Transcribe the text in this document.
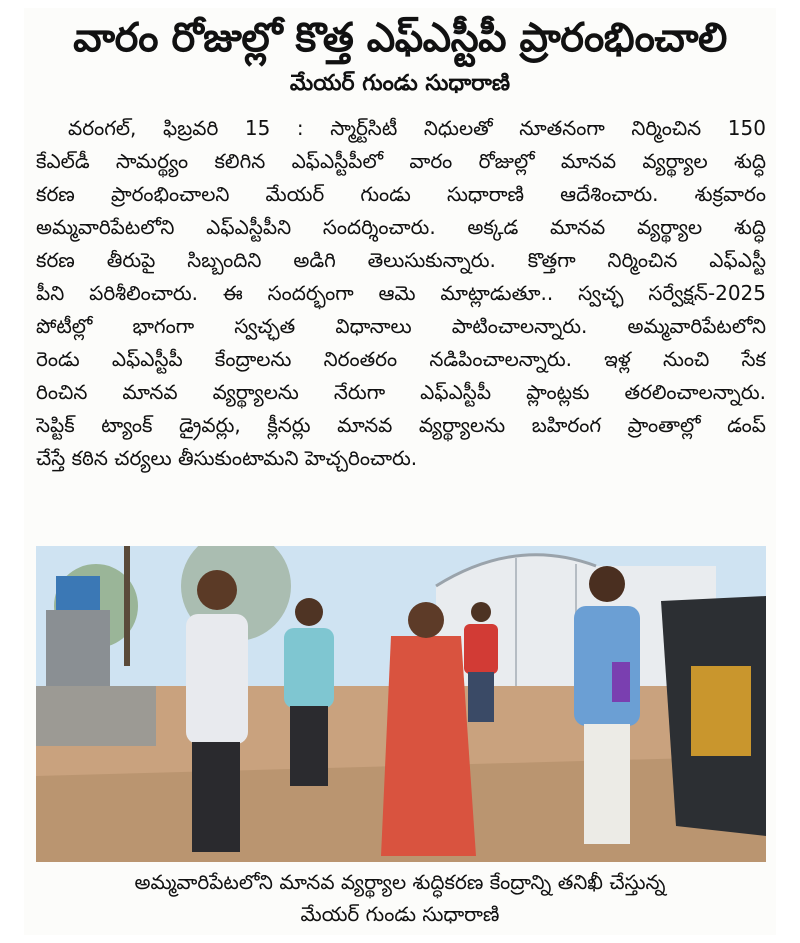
వారం రోజుల్లో కొత్త ఎఫ్ఎస్టీపీ ప్రారంభించాలి
మేయర్ గుండు సుధారాణి
వరంగల్, ఫిబ్రవరి 15 : స్మార్ట్‌సిటీ నిధులతో నూతనంగా నిర్మించిన 150
కేఎల్‌డీ సామర్థ్యం కలిగిన ఎఫ్ఎస్టీపీలో వారం రోజుల్లో మానవ వ్యర్థ్యాల శుద్ధి
కరణ ప్రారంభించాలని మేయర్ గుండు సుధారాణి ఆదేశించారు. శుక్రవారం
అమ్మవారిపేటలోని ఎఫ్ఎస్టీపీని సందర్శించారు. అక్కడ మానవ వ్యర్థ్యాల శుద్ధి
కరణ తీరుపై సిబ్బందిని అడిగి తెలుసుకున్నారు. కొత్తగా నిర్మించిన ఎఫ్ఎస్టీ
పీని పరిశీలించారు. ఈ సందర్భంగా ఆమె మాట్లాడుతూ.. స్వచ్ఛ సర్వేక్షన్-2025
పోటీల్లో భాగంగా స్వచ్ఛత విధానాలు పాటించాలన్నారు. అమ్మవారిపేటలోని
రెండు ఎఫ్ఎస్టీపీ కేంద్రాలను నిరంతరం నడిపించాలన్నారు. ఇళ్ల నుంచి సేక
రించిన మానవ వ్యర్థ్యాలను నేరుగా ఎఫ్ఎస్టీపీ ప్లాంట్లకు తరలించాలన్నారు.
సెప్టిక్ ట్యాంక్ డ్రైవర్లు, క్లీనర్లు మానవ వ్యర్థ్యాలను బహిరంగ ప్రాంతాల్లో డంప్
చేస్తే కఠిన చర్యలు తీసుకుంటామని హెచ్చరించారు.
అమ్మవారిపేటలోని మానవ వ్యర్థ్యాల శుద్ధికరణ కేంద్రాన్ని తనిఖీ చేస్తున్న
మేయర్ గుండు సుధారాణి
